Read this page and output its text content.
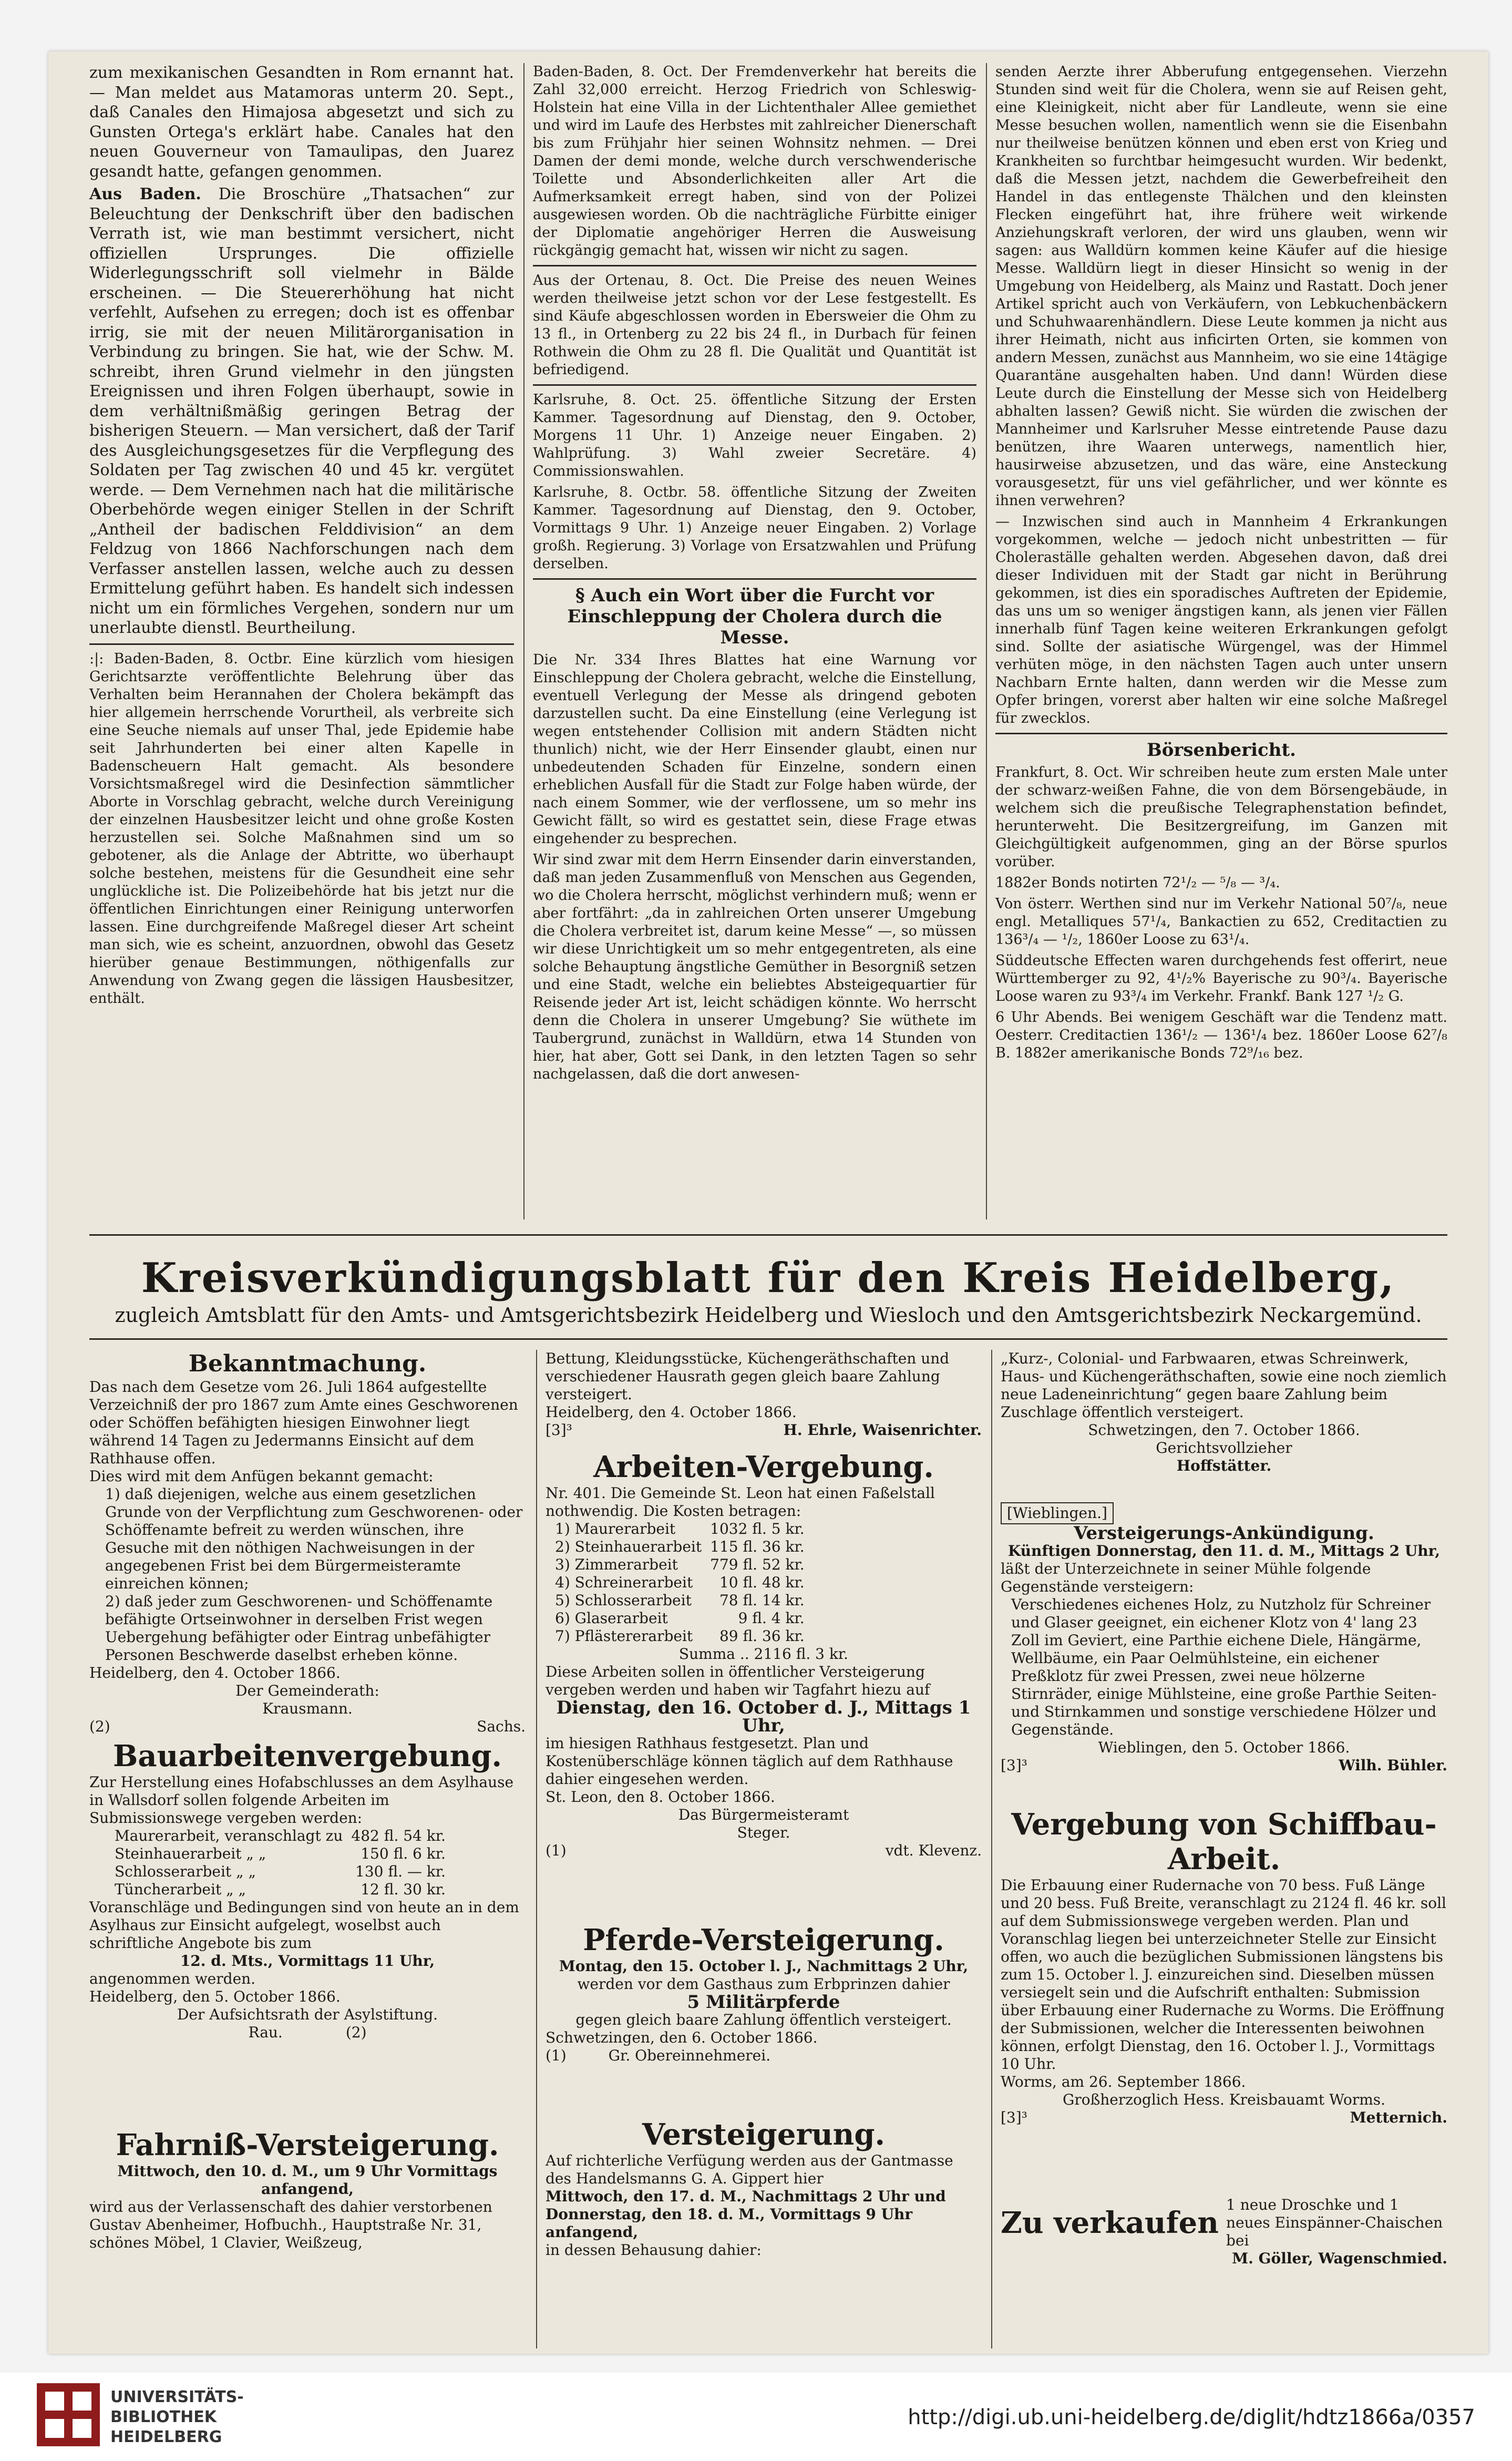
zum mexikanischen Gesandten in Rom ernannt hat. — Man meldet aus Matamoras unterm 20. Sept., daß Canales den Himajosa abgesetzt und sich zu Gunsten Ortega's erklärt habe. Canales hat den neuen Gouverneur von Tamaulipas, den Juarez gesandt hatte, gefangen genommen.

Aus Baden. Die Broschüre „Thatsachen“ zur Beleuchtung der Denkschrift über den badischen Verrath ist, wie man bestimmt versichert, nicht offiziellen Ursprunges. Die offizielle Widerlegungsschrift soll vielmehr in Bälde erscheinen. — Die Steuererhöhung hat nicht verfehlt, Aufsehen zu erregen; doch ist es offenbar irrig, sie mit der neuen Militärorganisation in Verbindung zu bringen. Sie hat, wie der Schw. M. schreibt, ihren Grund vielmehr in den jüngsten Ereignissen und ihren Folgen überhaupt, sowie in dem verhältnißmäßig geringen Betrag der bisherigen Steuern. — Man versichert, daß der Tarif des Ausgleichungsgesetzes für die Verpflegung des Soldaten per Tag zwischen 40 und 45 kr. vergütet werde. — Dem Vernehmen nach hat die militärische Oberbehörde wegen einiger Stellen in der Schrift „Antheil der badischen Felddivision“ an dem Feldzug von 1866 Nachforschungen nach dem Verfasser anstellen lassen, welche auch zu dessen Ermittelung geführt haben. Es handelt sich indessen nicht um ein förmliches Vergehen, sondern nur um unerlaubte dienstl. Beurtheilung.

:|: Baden-Baden, 8. Octbr. Eine kürzlich vom hiesigen Gerichtsarzte veröffentlichte Belehrung über das Verhalten beim Herannahen der Cholera bekämpft das hier allgemein herrschende Vorurtheil, als verbreite sich eine Seuche niemals auf unser Thal, jede Epidemie habe seit Jahrhunderten bei einer alten Kapelle in Badenscheuern Halt gemacht. Als besondere Vorsichtsmaßregel wird die Desinfection sämmtlicher Aborte in Vorschlag gebracht, welche durch Vereinigung der einzelnen Hausbesitzer leicht und ohne große Kosten herzustellen sei. Solche Maßnahmen sind um so gebotener, als die Anlage der Abtritte, wo überhaupt solche bestehen, meistens für die Gesundheit eine sehr unglückliche ist. Die Polizeibehörde hat bis jetzt nur die öffentlichen Einrichtungen einer Reinigung unterworfen lassen. Eine durchgreifende Maßregel dieser Art scheint man sich, wie es scheint, anzuordnen, obwohl das Gesetz hierüber genaue Bestimmungen, nöthigenfalls zur Anwendung von Zwang gegen die lässigen Hausbesitzer, enthält.

Baden-Baden, 8. Oct. Der Fremdenverkehr hat bereits die Zahl 32,000 erreicht. Herzog Friedrich von Schleswig-Holstein hat eine Villa in der Lichtenthaler Allee gemiethet und wird im Laufe des Herbstes mit zahlreicher Dienerschaft bis zum Frühjahr hier seinen Wohnsitz nehmen. — Drei Damen der demi monde, welche durch verschwenderische Toilette und Absonderlichkeiten aller Art die Aufmerksamkeit erregt haben, sind von der Polizei ausgewiesen worden. Ob die nachträgliche Fürbitte einiger der Diplomatie angehöriger Herren die Ausweisung rückgängig gemacht hat, wissen wir nicht zu sagen.

Aus der Ortenau, 8. Oct. Die Preise des neuen Weines werden theilweise jetzt schon vor der Lese festgestellt. Es sind Käufe abgeschlossen worden in Ebersweier die Ohm zu 13 fl., in Ortenberg zu 22 bis 24 fl., in Durbach für feinen Rothwein die Ohm zu 28 fl. Die Qualität und Quantität ist befriedigend.

Karlsruhe, 8. Oct. 25. öffentliche Sitzung der Ersten Kammer. Tagesordnung auf Dienstag, den 9. October, Morgens 11 Uhr. 1) Anzeige neuer Eingaben. 2) Wahlprüfung. 3) Wahl zweier Secretäre. 4) Commissionswahlen.

Karlsruhe, 8. Octbr. 58. öffentliche Sitzung der Zweiten Kammer. Tagesordnung auf Dienstag, den 9. October, Vormittags 9 Uhr. 1) Anzeige neuer Eingaben. 2) Vorlage großh. Regierung. 3) Vorlage von Ersatzwahlen und Prüfung derselben.

§ Auch ein Wort über die Furcht vor Einschleppung der Cholera durch die Messe.

Die Nr. 334 Ihres Blattes hat eine Warnung vor Einschleppung der Cholera gebracht, welche die Einstellung, eventuell Verlegung der Messe als dringend geboten darzustellen sucht. Da eine Einstellung (eine Verlegung ist wegen entstehender Collision mit andern Städten nicht thunlich) nicht, wie der Herr Einsender glaubt, einen nur unbedeutenden Schaden für Einzelne, sondern einen erheblichen Ausfall für die Stadt zur Folge haben würde, der nach einem Sommer, wie der verflossene, um so mehr ins Gewicht fällt, so wird es gestattet sein, diese Frage etwas eingehender zu besprechen.

Wir sind zwar mit dem Herrn Einsender darin einverstanden, daß man jeden Zusammenfluß von Menschen aus Gegenden, wo die Cholera herrscht, möglichst verhindern muß; wenn er aber fortfährt: „da in zahlreichen Orten unserer Umgebung die Cholera verbreitet ist, darum keine Messe“ —, so müssen wir diese Unrichtigkeit um so mehr entgegentreten, als eine solche Behauptung ängstliche Gemüther in Besorgniß setzen und eine Stadt, welche ein beliebtes Absteigequartier für Reisende jeder Art ist, leicht schädigen könnte. Wo herrscht denn die Cholera in unserer Umgebung? Sie wüthete im Taubergrund, zunächst in Walldürn, etwa 14 Stunden von hier, hat aber, Gott sei Dank, in den letzten Tagen so sehr nachgelassen, daß die dort anwesen-

senden Aerzte ihrer Abberufung entgegensehen. Vierzehn Stunden sind weit für die Cholera, wenn sie auf Reisen geht, eine Kleinigkeit, nicht aber für Landleute, wenn sie eine Messe besuchen wollen, namentlich wenn sie die Eisenbahn nur theilweise benützen können und eben erst von Krieg und Krankheiten so furchtbar heimgesucht wurden. Wir bedenkt, daß die Messen jetzt, nachdem die Gewerbefreiheit den Handel in das entlegenste Thälchen und den kleinsten Flecken eingeführt hat, ihre frühere weit wirkende Anziehungskraft verloren, der wird uns glauben, wenn wir sagen: aus Walldürn kommen keine Käufer auf die hiesige Messe. Walldürn liegt in dieser Hinsicht so wenig in der Umgebung von Heidelberg, als Mainz und Rastatt. Doch jener Artikel spricht auch von Verkäufern, von Lebkuchenbäckern und Schuhwaarenhändlern. Diese Leute kommen ja nicht aus ihrer Heimath, nicht aus inficirten Orten, sie kommen von andern Messen, zunächst aus Mannheim, wo sie eine 14tägige Quarantäne ausgehalten haben. Und dann! Würden diese Leute durch die Einstellung der Messe sich von Heidelberg abhalten lassen? Gewiß nicht. Sie würden die zwischen der Mannheimer und Karlsruher Messe eintretende Pause dazu benützen, ihre Waaren unterwegs, namentlich hier, hausirweise abzusetzen, und das wäre, eine Ansteckung vorausgesetzt, für uns viel gefährlicher, und wer könnte es ihnen verwehren?

— Inzwischen sind auch in Mannheim 4 Erkrankungen vorgekommen, welche — jedoch nicht unbestritten — für Choleraställe gehalten werden. Abgesehen davon, daß drei dieser Individuen mit der Stadt gar nicht in Berührung gekommen, ist dies ein sporadisches Auftreten der Epidemie, das uns um so weniger ängstigen kann, als jenen vier Fällen innerhalb fünf Tagen keine weiteren Erkrankungen gefolgt sind. Sollte der asiatische Würgengel, was der Himmel verhüten möge, in den nächsten Tagen auch unter unsern Nachbarn Ernte halten, dann werden wir die Messe zum Opfer bringen, vorerst aber halten wir eine solche Maßregel für zwecklos.

Börsenbericht.

Frankfurt, 8. Oct. Wir schreiben heute zum ersten Male unter der schwarz-weißen Fahne, die von dem Börsengebäude, in welchem sich die preußische Telegraphenstation befindet, herunterweht. Die Besitzergreifung, im Ganzen mit Gleichgültigkeit aufgenommen, ging an der Börse spurlos vorüber.

1882er Bonds notirten 72¹/₂ — ⁵/₈ — ³/₄.

Von österr. Werthen sind nur im Verkehr National 50⁷/₈, neue engl. Metalliques 57¹/₄, Bankactien zu 652, Creditactien zu 136³/₄ — ¹/₂, 1860er Loose zu 63¹/₄.

Süddeutsche Effecten waren durchgehends fest offerirt, neue Württemberger zu 92, 4¹/₂% Bayerische zu 90³/₄. Bayerische Loose waren zu 93³/₄ im Verkehr. Frankf. Bank 127 ¹/₂ G.

6 Uhr Abends. Bei wenigem Geschäft war die Tendenz matt. Oesterr. Creditactien 136¹/₂ — 136¹/₄ bez. 1860er Loose 62⁷/₈ B. 1882er amerikanische Bonds 72⁹/₁₆ bez.

Kreisverkündigungsblatt für den Kreis Heidelberg,
zugleich Amtsblatt für den Amts- und Amtsgerichtsbezirk Heidelberg und Wiesloch und den Amtsgerichtsbezirk Neckargemünd.
Bekanntmachung.
Das nach dem Gesetze vom 26. Juli 1864 aufgestellte Verzeichniß der pro 1867 zum Amte eines Geschworenen oder Schöffen befähigten hiesigen Einwohner liegt während 14 Tagen zu Jedermanns Einsicht auf dem Rathhause offen.
Dies wird mit dem Anfügen bekannt gemacht:
1) daß diejenigen, welche aus einem gesetzlichen Grunde von der Verpflichtung zum Geschworenen- oder Schöffenamte befreit zu werden wünschen, ihre Gesuche mit den nöthigen Nachweisungen in der angegebenen Frist bei dem Bürgermeisteramte einreichen können;
2) daß jeder zum Geschworenen- und Schöffenamte befähigte Ortseinwohner in derselben Frist wegen Uebergehung befähigter oder Eintrag unbefähigter Personen Beschwerde daselbst erheben könne.
Heidelberg, den 4. October 1866.
Der Gemeinderath:
Krausmann.
(2)	Sachs.
Bauarbeitenvergebung.
Zur Herstellung eines Hofabschlusses an dem Asylhause in Wallsdorf sollen folgende Arbeiten im Submissionswege vergeben werden:
Maurerarbeit, veranschlagt zu	482 fl. 54 kr.
Steinhauerarbeit „ „	150 fl. 6 kr.
Schlosserarbeit „ „	130 fl. — kr.
Tüncherarbeit „ „	12 fl. 30 kr.
Voranschläge und Bedingungen sind von heute an in dem Asylhaus zur Einsicht aufgelegt, woselbst auch schriftliche Angebote bis zum
12. d. Mts., Vormittags 11 Uhr,
angenommen werden.
Heidelberg, den 5. October 1866.
Der Aufsichtsrath der Asylstiftung.
Rau.	(2)
Fahrniß-Versteigerung.
Mittwoch, den 10. d. M., um 9 Uhr Vormittags anfangend,
wird aus der Verlassenschaft des dahier verstorbenen Gustav Abenheimer, Hofbuchh., Hauptstraße Nr. 31, schönes Möbel, 1 Clavier, Weißzeug,
Bettung, Kleidungsstücke, Küchengeräthschaften und verschiedener Hausrath gegen gleich baare Zahlung versteigert.
Heidelberg, den 4. October 1866.
[3]³	H. Ehrle, Waisenrichter.
Arbeiten-Vergebung.
Nr. 401. Die Gemeinde St. Leon hat einen Faßelstall nothwendig. Die Kosten betragen:
1) Maurerarbeit	1032 fl. 5 kr.
2) Steinhauerarbeit	115 fl. 36 kr.
3) Zimmerarbeit	779 fl. 52 kr.
4) Schreinerarbeit	10 fl. 48 kr.
5) Schlosserarbeit	78 fl. 14 kr.
6) Glaserarbeit	9 fl. 4 kr.
7) Pflästererarbeit	89 fl. 36 kr.
Summa .. 2116 fl. 3 kr.
Diese Arbeiten sollen in öffentlicher Versteigerung vergeben werden und haben wir Tagfahrt hiezu auf
Dienstag, den 16. October d. J., Mittags 1 Uhr,
im hiesigen Rathhaus festgesetzt. Plan und Kostenüberschläge können täglich auf dem Rathhause dahier eingesehen werden.
St. Leon, den 8. October 1866.
Das Bürgermeisteramt
Steger.
(1)	vdt. Klevenz.
Pferde-Versteigerung.
Montag, den 15. October l. J., Nachmittags 2 Uhr,
werden vor dem Gasthaus zum Erbprinzen dahier
5 Militärpferde
gegen gleich baare Zahlung öffentlich versteigert.
Schwetzingen, den 6. October 1866.
(1)	Gr. Obereinnehmerei.
Versteigerung.
Auf richterliche Verfügung werden aus der Gantmasse des Handelsmanns G. A. Gippert hier
Mittwoch, den 17. d. M., Nachmittags 2 Uhr und Donnerstag, den 18. d. M., Vormittags 9 Uhr anfangend,
in dessen Behausung dahier:
„Kurz-, Colonial- und Farbwaaren, etwas Schreinwerk, Haus- und Küchengeräthschaften, sowie eine noch ziemlich neue Ladeneinrichtung“ gegen baare Zahlung beim Zuschlage öffentlich versteigert.
Schwetzingen, den 7. October 1866.
Gerichtsvollzieher
Hoffstätter.
[Wieblingen.]
Versteigerungs-Ankündigung.
Künftigen Donnerstag, den 11. d. M., Mittags 2 Uhr,
läßt der Unterzeichnete in seiner Mühle folgende Gegenstände versteigern:
Verschiedenes eichenes Holz, zu Nutzholz für Schreiner und Glaser geeignet, ein eichener Klotz von 4' lang 23 Zoll im Geviert, eine Parthie eichene Diele, Hängärme, Wellbäume, ein Paar Oelmühlsteine, ein eichener Preßklotz für zwei Pressen, zwei neue hölzerne Stirnräder, einige Mühlsteine, eine große Parthie Seiten- und Stirnkammen und sonstige verschiedene Hölzer und Gegenstände.
Wieblingen, den 5. October 1866.
[3]³	Wilh. Bühler.
Vergebung von Schiffbau-Arbeit.
Die Erbauung einer Rudernache von 70 bess. Fuß Länge und 20 bess. Fuß Breite, veranschlagt zu 2124 fl. 46 kr. soll auf dem Submissionswege vergeben werden. Plan und Voranschlag liegen bei unterzeichneter Stelle zur Einsicht offen, wo auch die bezüglichen Submissionen längstens bis zum 15. October l. J. einzureichen sind. Dieselben müssen versiegelt sein und die Aufschrift enthalten: Submission über Erbauung einer Rudernache zu Worms. Die Eröffnung der Submissionen, welcher die Interessenten beiwohnen können, erfolgt Dienstag, den 16. October l. J., Vormittags 10 Uhr.
Worms, am 26. September 1866.
Großherzoglich Hess. Kreisbauamt Worms.
[3]³	Metternich.
Zu verkaufen
1 neue Droschke und 1 neues Einspänner-Chaischen bei
M. Göller, Wagenschmied.
UNIVERSITÄTS-
BIBLIOTHEK
HEIDELBERG
http://digi.ub.uni-heidelberg.de/diglit/hdtz1866a/0357
